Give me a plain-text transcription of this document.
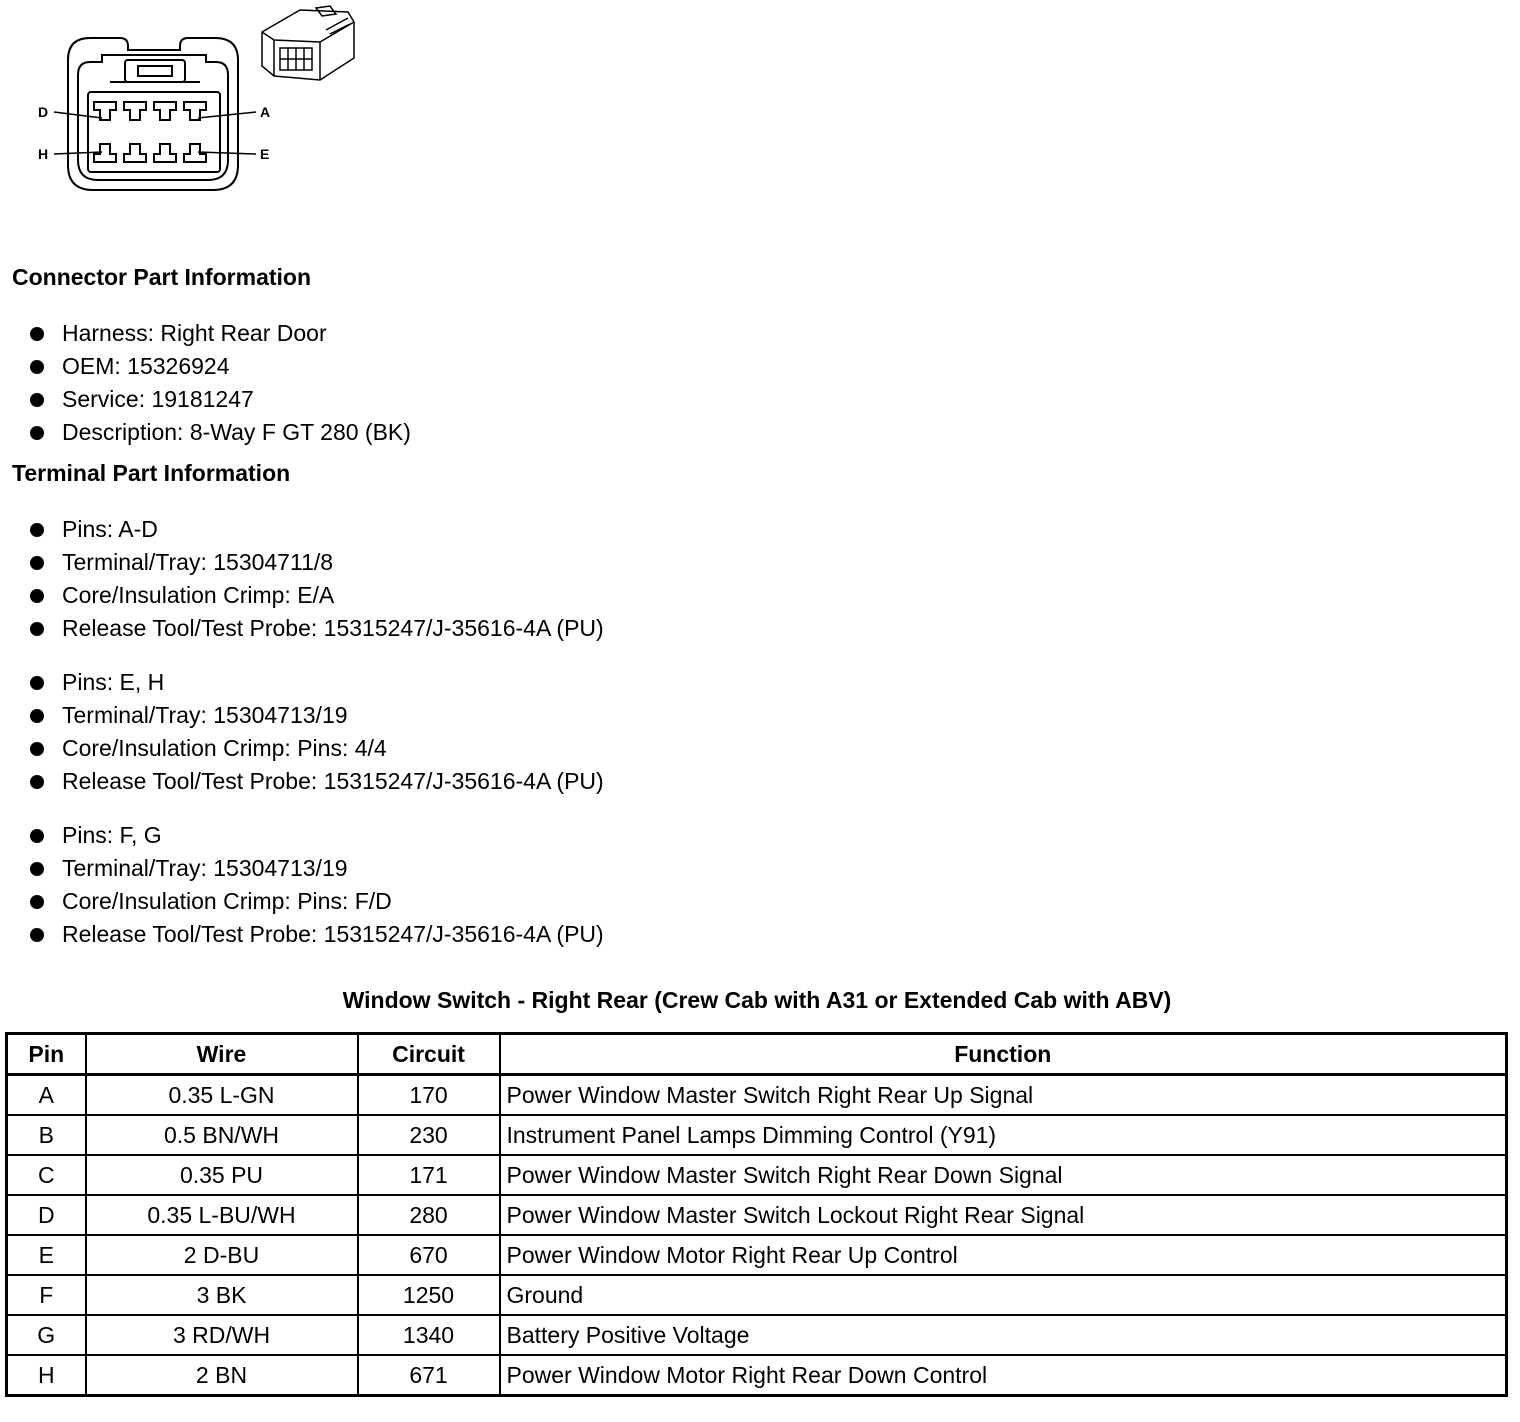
D
H
A
E
Connector Part Information
Harness: Right Rear Door
OEM: 15326924
Service: 19181247
Description: 8-Way F GT 280 (BK)
Terminal Part Information
Pins: A-D
Terminal/Tray: 15304711/8
Core/Insulation Crimp: E/A
Release Tool/Test Probe: 15315247/J-35616-4A (PU)
Pins: E, H
Terminal/Tray: 15304713/19
Core/Insulation Crimp: Pins: 4/4
Release Tool/Test Probe: 15315247/J-35616-4A (PU)
Pins: F, G
Terminal/Tray: 15304713/19
Core/Insulation Crimp: Pins: F/D
Release Tool/Test Probe: 15315247/J-35616-4A (PU)
Window Switch - Right Rear (Crew Cab with A31 or Extended Cab with ABV)
Pin	Wire	Circuit	Function
A	0.35 L-GN	170	Power Window Master Switch Right Rear Up Signal
B	0.5 BN/WH	230	Instrument Panel Lamps Dimming Control (Y91)
C	0.35 PU	171	Power Window Master Switch Right Rear Down Signal
D	0.35 L-BU/WH	280	Power Window Master Switch Lockout Right Rear Signal
E	2 D-BU	670	Power Window Motor Right Rear Up Control
F	3 BK	1250	Ground
G	3 RD/WH	1340	Battery Positive Voltage
H	2 BN	671	Power Window Motor Right Rear Down Control
